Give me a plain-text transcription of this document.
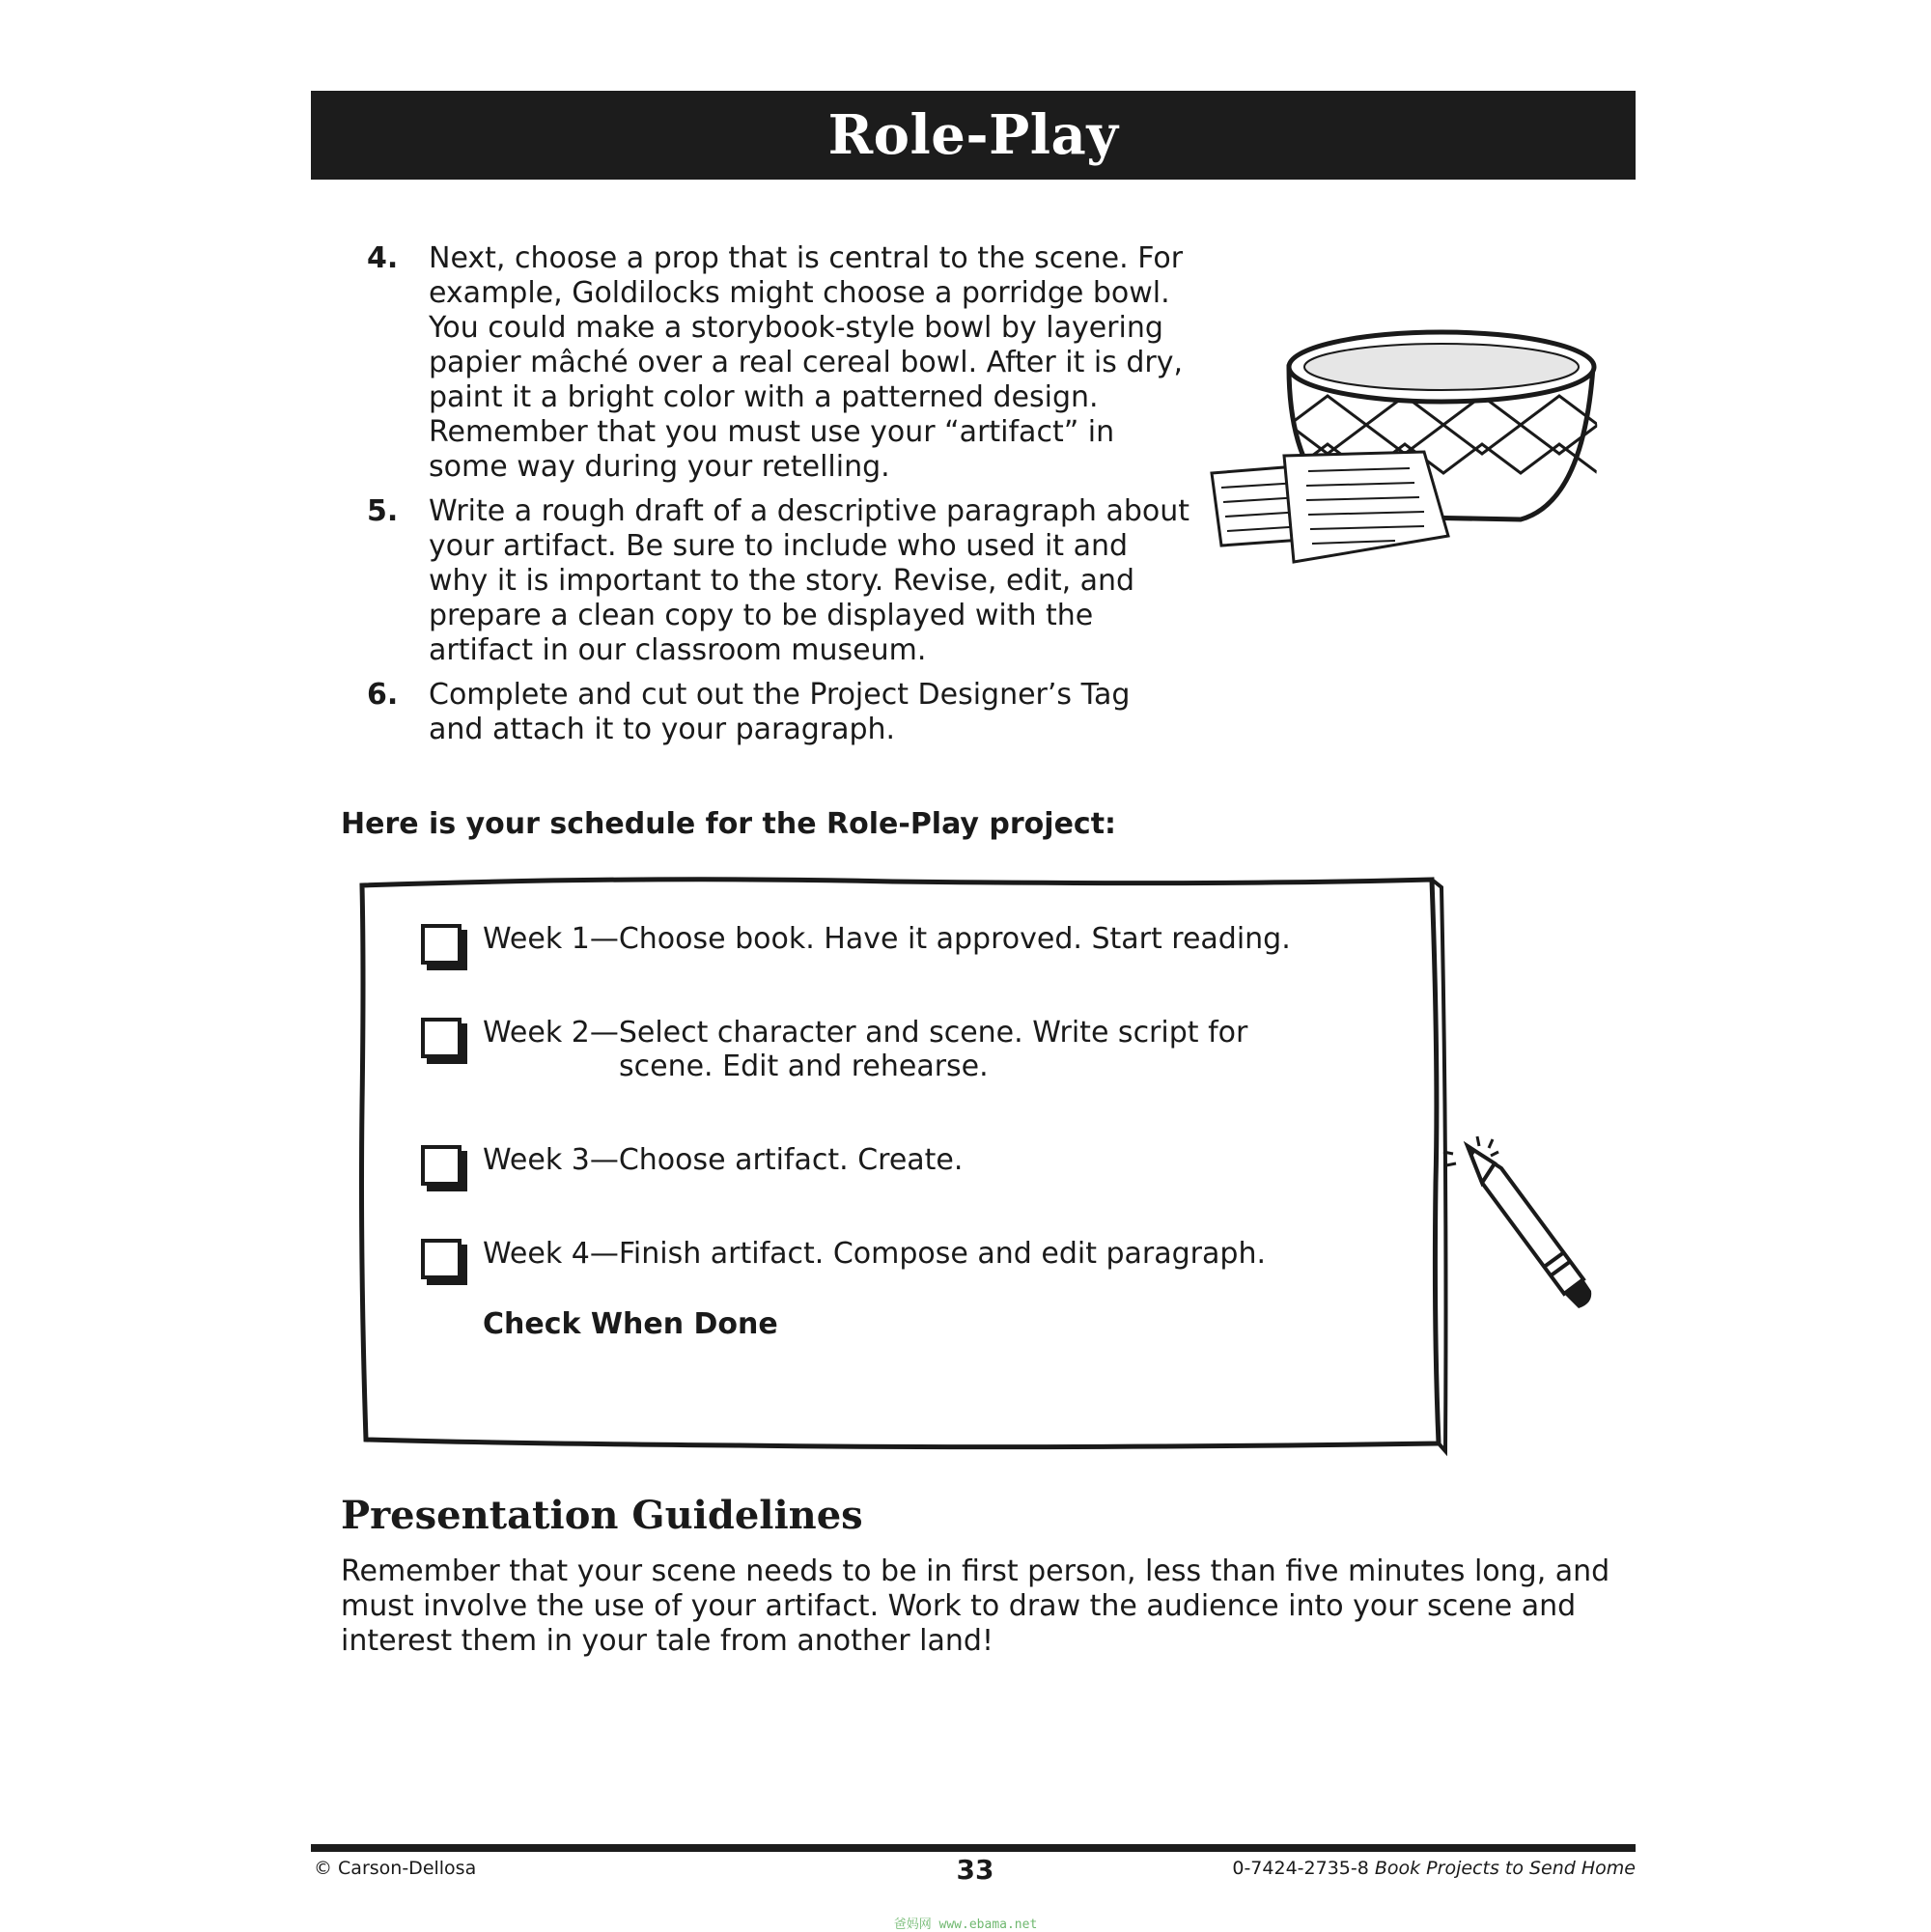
Role-Play
4.	Next, choose a prop that is central to the scene. For example, Goldilocks might choose a porridge bowl. You could make a storybook-style bowl by layering papier mâché over a real cereal bowl. After it is dry, paint it a bright color with a patterned design. Remember that you must use your “artifact” in some way during your retelling.
5.	Write a rough draft of a descriptive paragraph about your artifact. Be sure to include who used it and why it is important to the story. Revise, edit, and prepare a clean copy to be displayed with the artifact in our classroom museum.
6.	Complete and cut out the Project Designer’s Tag and attach it to your paragraph.

Here is your schedule for the Role-Play project:

Week 1—Choose book. Have it approved. Start reading.
Week 2—Select character and scene. Write script for
scene. Edit and rehearse.
Week 3—Choose artifact. Create.
Week 4—Finish artifact. Compose and edit paragraph.
Check When Done
Presentation Guidelines

Remember that your scene needs to be in first person, less than five minutes long, and must involve the use of your artifact. Work to draw the audience into your scene and interest them in your tale from another land!

© Carson-Dellosa	33	0-7424-2735-8 Book Projects to Send Home
爸妈网 www.ebama.net
